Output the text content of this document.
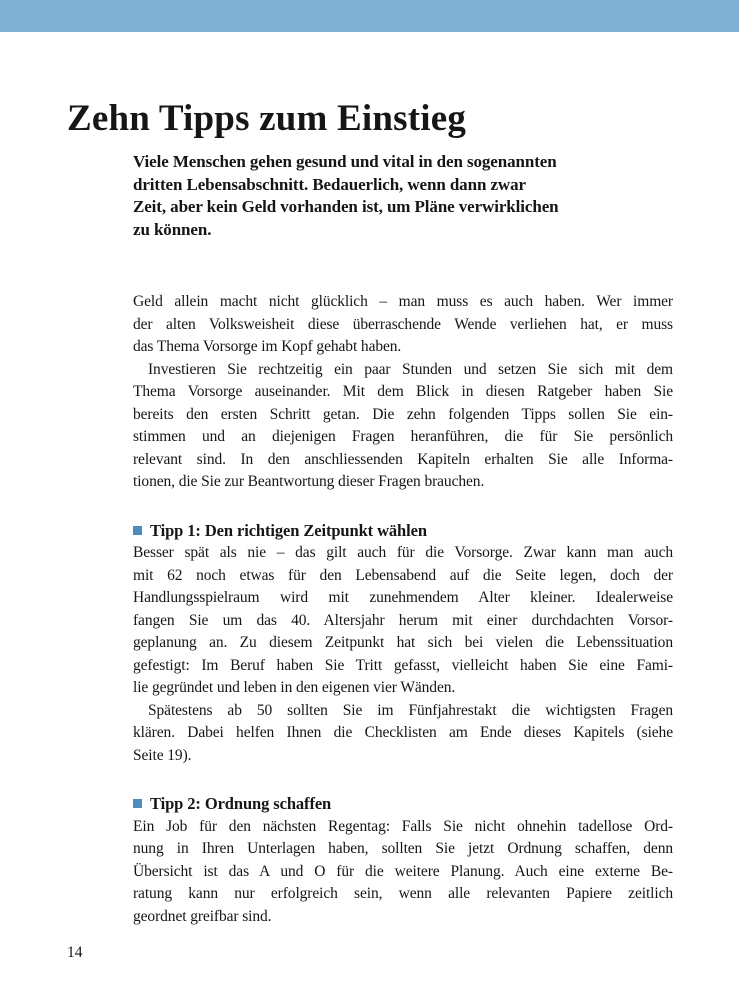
Zehn Tipps zum Einstieg
Viele Menschen gehen gesund und vital in den sogenannten
dritten Lebensabschnitt. Bedauerlich, wenn dann zwar
Zeit, aber kein Geld vorhanden ist, um Pläne verwirklichen
zu können.
Geld allein macht nicht glücklich – man muss es auch haben. Wer immer
der alten Volksweisheit diese überraschende Wende verliehen hat, er muss
das Thema Vorsorge im Kopf gehabt haben.
Investieren Sie rechtzeitig ein paar Stunden und setzen Sie sich mit dem
Thema Vorsorge auseinander. Mit dem Blick in diesen Ratgeber haben Sie
bereits den ersten Schritt getan. Die zehn folgenden Tipps sollen Sie ein-
stimmen und an diejenigen Fragen heranführen, die für Sie persönlich
relevant sind. In den anschliessenden Kapiteln erhalten Sie alle Informa-
tionen, die Sie zur Beantwortung dieser Fragen brauchen.
Tipp 1: Den richtigen Zeitpunkt wählen
Besser spät als nie – das gilt auch für die Vorsorge. Zwar kann man auch
mit 62 noch etwas für den Lebensabend auf die Seite legen, doch der
Handlungsspielraum wird mit zunehmendem Alter kleiner. Idealerweise
fangen Sie um das 40. Altersjahr herum mit einer durchdachten Vorsor-
geplanung an. Zu diesem Zeitpunkt hat sich bei vielen die Lebenssituation
gefestigt: Im Beruf haben Sie Tritt gefasst, vielleicht haben Sie eine Fami-
lie gegründet und leben in den eigenen vier Wänden.
Spätestens ab 50 sollten Sie im Fünfjahrestakt die wichtigsten Fragen
klären. Dabei helfen Ihnen die Checklisten am Ende dieses Kapitels (siehe
Seite 19).
Tipp 2: Ordnung schaffen
Ein Job für den nächsten Regentag: Falls Sie nicht ohnehin tadellose Ord-
nung in Ihren Unterlagen haben, sollten Sie jetzt Ordnung schaffen, denn
Übersicht ist das A und O für die weitere Planung. Auch eine externe Be-
ratung kann nur erfolgreich sein, wenn alle relevanten Papiere zeitlich
geordnet greifbar sind.
14
